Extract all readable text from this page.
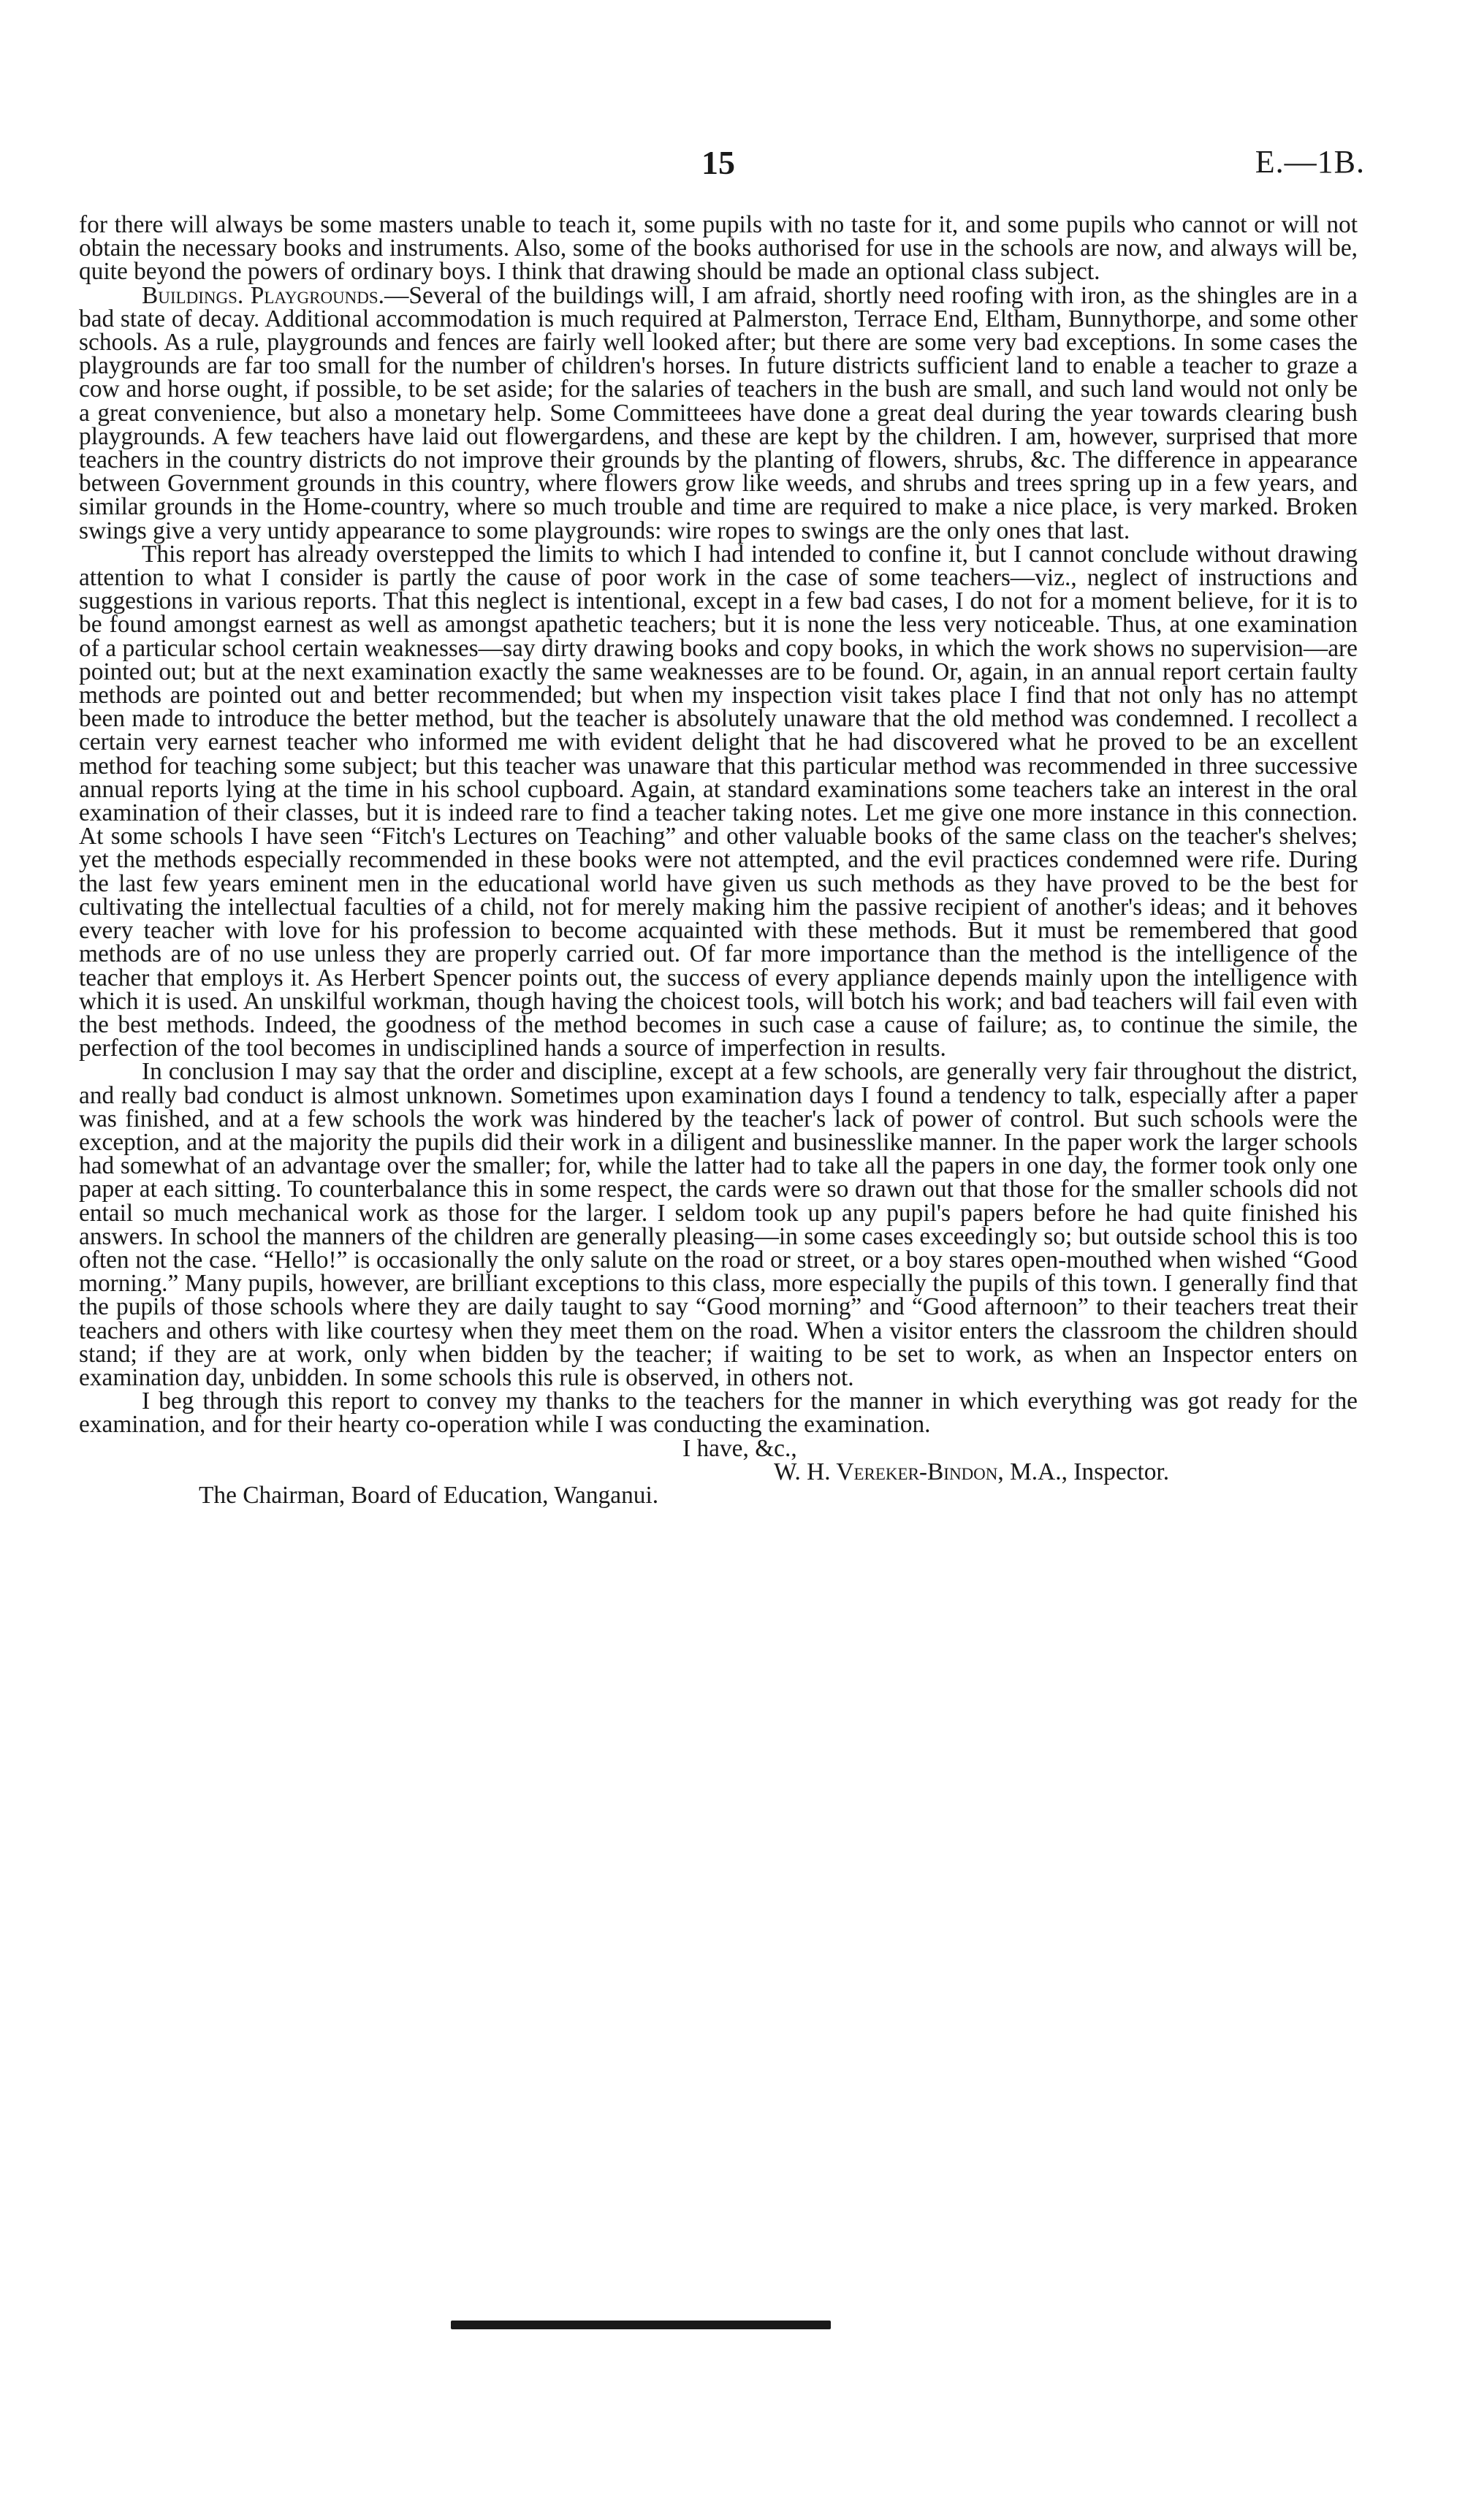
15	E.—1B.

for there will always be some masters unable to teach it, some pupils with no taste for it, and some pupils who cannot or will not obtain the necessary books and instruments. Also, some of the books authorised for use in the schools are now, and always will be, quite beyond the powers of ordinary boys. I think that drawing should be made an optional class subject.

Buildings. Playgrounds.—Several of the buildings will, I am afraid, shortly need roofing with iron, as the shingles are in a bad state of decay. Additional accommodation is much required at Palmerston, Terrace End, Eltham, Bunnythorpe, and some other schools. As a rule, playgrounds and fences are fairly well looked after; but there are some very bad exceptions. In some cases the playgrounds are far too small for the number of children's horses. In future districts sufficient land to enable a teacher to graze a cow and horse ought, if possible, to be set aside; for the salaries of teachers in the bush are small, and such land would not only be a great convenience, but also a monetary help. Some Committeees have done a great deal during the year towards clearing bush playgrounds. A few teachers have laid out flowergardens, and these are kept by the children. I am, however, surprised that more teachers in the country districts do not improve their grounds by the planting of flowers, shrubs, &c. The difference in appearance between Government grounds in this country, where flowers grow like weeds, and shrubs and trees spring up in a few years, and similar grounds in the Home-country, where so much trouble and time are required to make a nice place, is very marked. Broken swings give a very untidy appearance to some playgrounds: wire ropes to swings are the only ones that last.

This report has already overstepped the limits to which I had intended to confine it, but I cannot conclude without drawing attention to what I consider is partly the cause of poor work in the case of some teachers—viz., neglect of instructions and suggestions in various reports. That this neglect is intentional, except in a few bad cases, I do not for a moment believe, for it is to be found amongst earnest as well as amongst apathetic teachers; but it is none the less very noticeable. Thus, at one examination of a particular school certain weaknesses—say dirty drawing books and copy books, in which the work shows no supervision—are pointed out; but at the next examination exactly the same weaknesses are to be found. Or, again, in an annual report certain faulty methods are pointed out and better recommended; but when my inspection visit takes place I find that not only has no attempt been made to introduce the better method, but the teacher is absolutely unaware that the old method was condemned. I recollect a certain very earnest teacher who informed me with evident delight that he had discovered what he proved to be an excellent method for teaching some subject; but this teacher was unaware that this particular method was recommended in three successive annual reports lying at the time in his school cupboard. Again, at standard examinations some teachers take an interest in the oral examination of their classes, but it is indeed rare to find a teacher taking notes. Let me give one more instance in this connection. At some schools I have seen “Fitch's Lectures on Teaching” and other valuable books of the same class on the teacher's shelves; yet the methods especially recommended in these books were not attempted, and the evil practices condemned were rife. During the last few years eminent men in the educational world have given us such methods as they have proved to be the best for cultivating the intellectual faculties of a child, not for merely making him the passive recipient of another's ideas; and it behoves every teacher with love for his profession to become acquainted with these methods. But it must be remembered that good methods are of no use unless they are properly carried out. Of far more importance than the method is the intelligence of the teacher that employs it. As Herbert Spencer points out, the success of every appliance depends mainly upon the intelligence with which it is used. An unskilful workman, though having the choicest tools, will botch his work; and bad teachers will fail even with the best methods. Indeed, the goodness of the method becomes in such case a cause of failure; as, to continue the simile, the perfection of the tool becomes in undisciplined hands a source of imperfection in results.

In conclusion I may say that the order and discipline, except at a few schools, are generally very fair throughout the district, and really bad conduct is almost unknown. Sometimes upon examination days I found a tendency to talk, especially after a paper was finished, and at a few schools the work was hindered by the teacher's lack of power of control. But such schools were the exception, and at the majority the pupils did their work in a diligent and businesslike manner. In the paper work the larger schools had somewhat of an advantage over the smaller; for, while the latter had to take all the papers in one day, the former took only one paper at each sitting. To counterbalance this in some respect, the cards were so drawn out that those for the smaller schools did not entail so much mechanical work as those for the larger. I seldom took up any pupil's papers before he had quite finished his answers. In school the manners of the children are generally pleasing—in some cases exceedingly so; but outside school this is too often not the case. “Hello!” is occasionally the only salute on the road or street, or a boy stares open-mouthed when wished “Good morning.” Many pupils, however, are brilliant exceptions to this class, more especially the pupils of this town. I generally find that the pupils of those schools where they are daily taught to say “Good morning” and “Good afternoon” to their teachers treat their teachers and others with like courtesy when they meet them on the road. When a visitor enters the classroom the children should stand; if they are at work, only when bidden by the teacher; if waiting to be set to work, as when an Inspector enters on examination day, unbidden. In some schools this rule is observed, in others not.

I beg through this report to convey my thanks to the teachers for the manner in which everything was got ready for the examination, and for their hearty co-operation while I was conducting the examination.

I have, &c.,

W. H. Vereker-Bindon, M.A., Inspector.

The Chairman, Board of Education, Wanganui.
